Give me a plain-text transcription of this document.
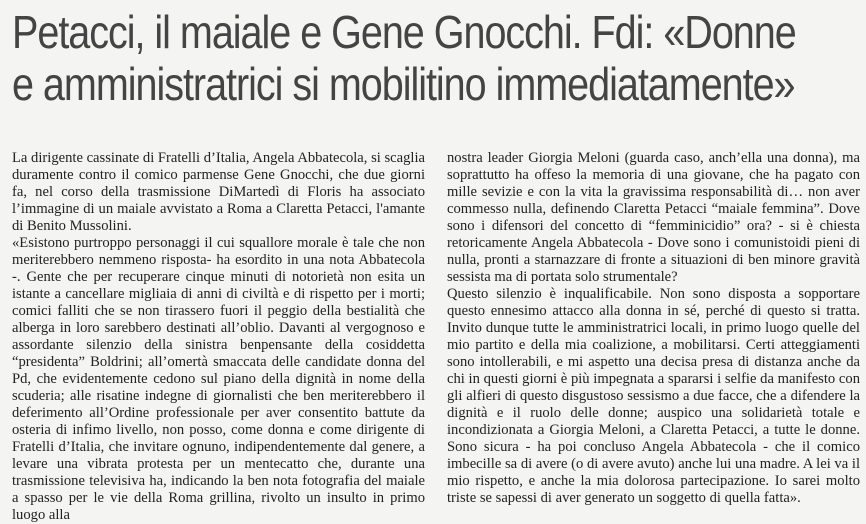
Petacci, il maiale e Gene Gnocchi. Fdi: «Donne
e amministratrici si mobilitino immediatamente»

La dirigente cassinate di Fratelli d’Italia, Angela Abbatecola, si scaglia duramente contro il comico parmense Gene Gnocchi, che due giorni fa, nel corso della trasmissione DiMartedì di Floris ha associato l’immagine di un maiale avvistato a Roma a Claretta Petacci, l'amante di Benito Mussolini.

«Esistono purtroppo personaggi il cui squallore morale è tale che non meriterebbero nemmeno risposta- ha esordito in una nota Abbatecola -. Gente che per recuperare cinque minuti di notorietà non esita un istante a cancellare migliaia di anni di civiltà e di rispetto per i morti; comici falliti che se non tirassero fuori il peggio della bestialità che alberga in loro sarebbero destinati all’oblio. Davanti al vergognoso e assordante silenzio della sinistra benpensante della cosiddetta “presidenta” Boldrini; all’omertà smaccata delle candidate donna del Pd, che evidentemente cedono sul piano della dignità in nome della scuderia; alle risatine indegne di giornalisti che ben meriterebbero il deferimento all’Ordine professionale per aver consentito battute da osteria di infimo livello, non posso, come donna e come dirigente di Fratelli d’Italia, che invitare ognuno, indipendentemente dal genere, a levare una vibrata protesta per un mentecatto che, durante una trasmissione televisiva ha, indicando la ben nota fotografia del maiale a spasso per le vie della Roma grillina, rivolto un insulto in primo luogo alla

nostra leader Giorgia Meloni (guarda caso, anch’ella una donna), ma soprattutto ha offeso la memoria di una giovane, che ha pagato con mille sevizie e con la vita la gravissima responsabilità di… non aver commesso nulla, definendo Claretta Petacci “maiale femmina”. Dove sono i difensori del concetto di “femminicidio” ora? - si è chiesta retoricamente Angela Abbatecola - Dove sono i comunistoidi pieni di nulla, pronti a starnazzare di fronte a situazioni di ben minore gravità sessista ma di portata solo strumentale?

Questo silenzio è inqualificabile. Non sono disposta a sopportare questo ennesimo attacco alla donna in sé, perché di questo si tratta. Invito dunque tutte le amministratrici locali, in primo luogo quelle del mio partito e della mia coalizione, a mobilitarsi. Certi atteggiamenti sono intollerabili, e mi aspetto una decisa presa di distanza anche da chi in questi giorni è più impegnata a spararsi i selfie da manifesto con gli alfieri di questo disgustoso sessismo a due facce, che a difendere la dignità e il ruolo delle donne; auspico una solidarietà totale e incondizionata a Giorgia Meloni, a Claretta Petacci, a tutte le donne. Sono sicura - ha poi concluso Angela Abbatecola - che il comico imbecille sa di avere (o di avere avuto) anche lui una madre. A lei va il mio rispetto, e anche la mia dolorosa partecipazione. Io sarei molto triste se sapessi di aver generato un soggetto di quella fatta».
